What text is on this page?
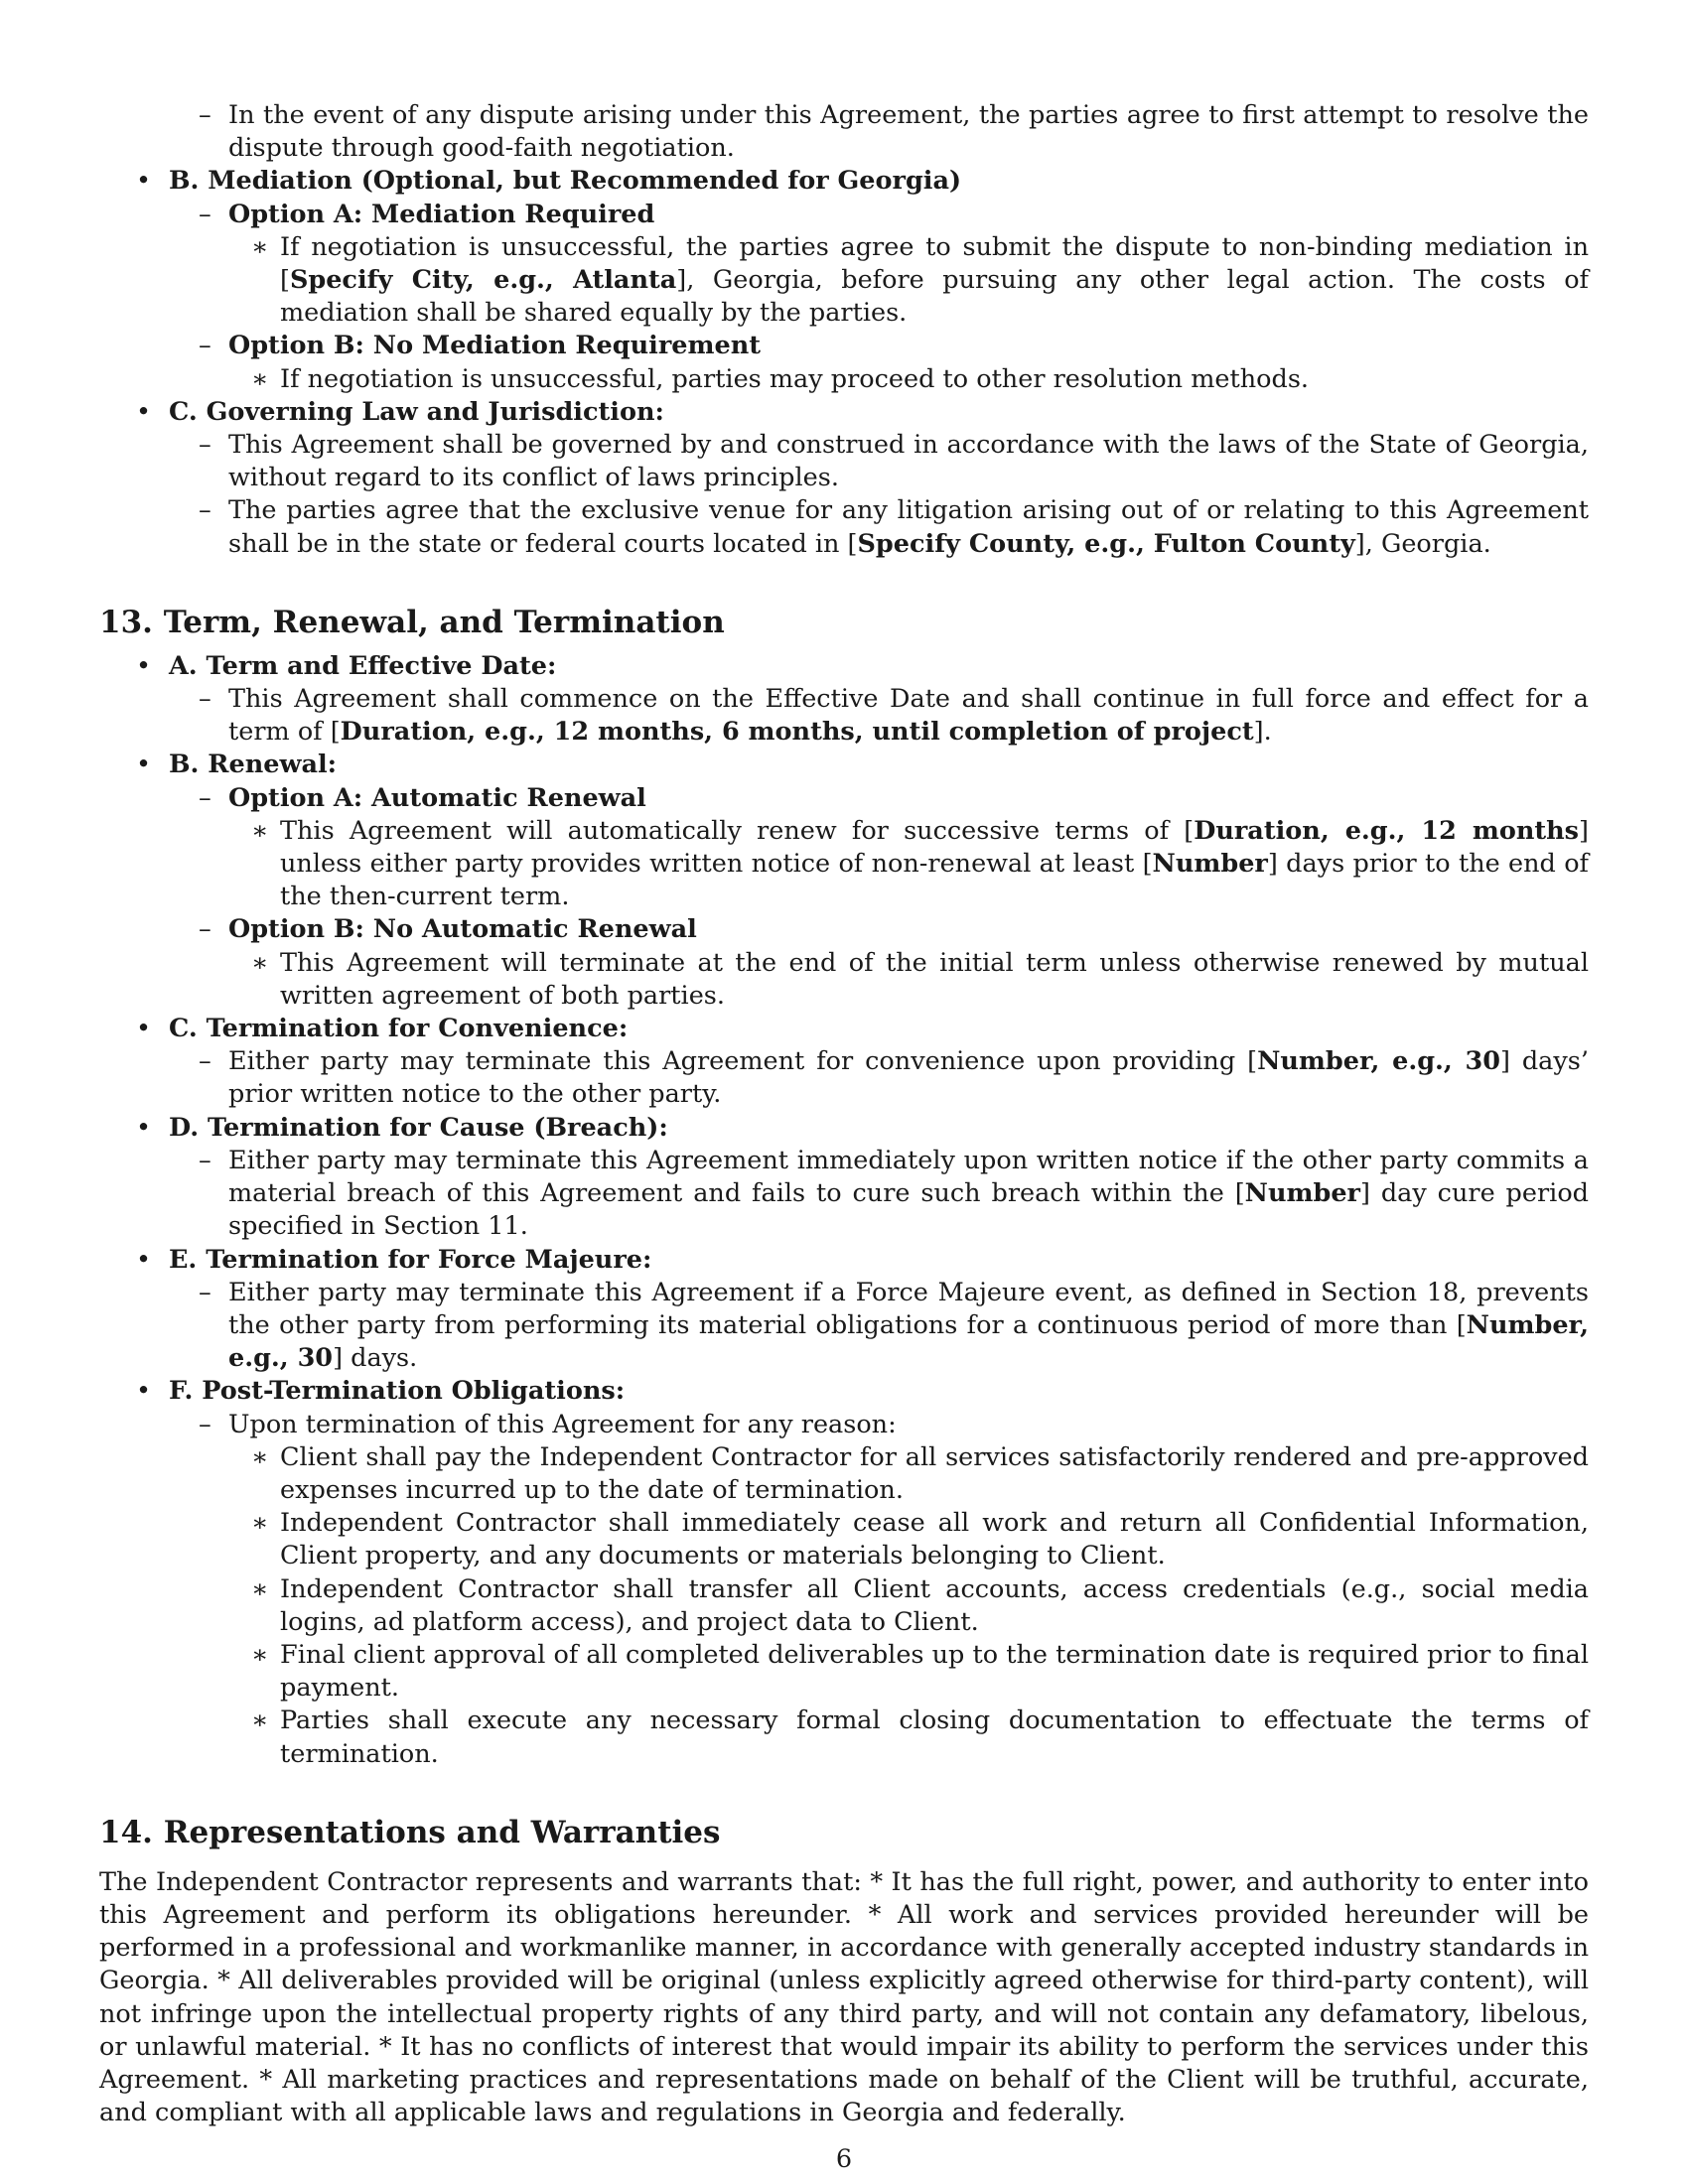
– In the event of any dispute arising under this Agreement, the parties agree to first attempt to resolve the dispute through good-faith negotiation.

• B. Mediation (Optional, but Recommended for Georgia)

– Option A: Mediation Required

∗ If negotiation is unsuccessful, the parties agree to submit the dispute to non-binding mediation in [Specify City, e.g., Atlanta], Georgia, before pursuing any other legal action. The costs of mediation shall be shared equally by the parties.

– Option B: No Mediation Requirement

∗ If negotiation is unsuccessful, parties may proceed to other resolution methods.

• C. Governing Law and Jurisdiction:

– This Agreement shall be governed by and construed in accordance with the laws of the State of Georgia, without regard to its conflict of laws principles.

– The parties agree that the exclusive venue for any litigation arising out of or relating to this Agreement shall be in the state or federal courts located in [Specify County, e.g., Fulton County], Georgia.

13. Term, Renewal, and Termination

• A. Term and Effective Date:

– This Agreement shall commence on the Effective Date and shall continue in full force and effect for a term of [Duration, e.g., 12 months, 6 months, until completion of project].

• B. Renewal:

– Option A: Automatic Renewal

∗ This Agreement will automatically renew for successive terms of [Duration, e.g., 12 months] unless either party provides written notice of non-renewal at least [Number] days prior to the end of the then-current term.

– Option B: No Automatic Renewal

∗ This Agreement will terminate at the end of the initial term unless otherwise renewed by mutual written agreement of both parties.

• C. Termination for Convenience:

– Either party may terminate this Agreement for convenience upon providing [Number, e.g., 30] days’ prior written notice to the other party.

• D. Termination for Cause (Breach):

– Either party may terminate this Agreement immediately upon written notice if the other party commits a material breach of this Agreement and fails to cure such breach within the [Number] day cure period specified in Section 11.

• E. Termination for Force Majeure:

– Either party may terminate this Agreement if a Force Majeure event, as defined in Section 18, prevents the other party from performing its material obligations for a continuous period of more than [Number, e.g., 30] days.

• F. Post-Termination Obligations:

– Upon termination of this Agreement for any reason:

∗ Client shall pay the Independent Contractor for all services satisfactorily rendered and pre-approved expenses incurred up to the date of termination.

∗ Independent Contractor shall immediately cease all work and return all Confidential Information, Client property, and any documents or materials belonging to Client.

∗ Independent Contractor shall transfer all Client accounts, access credentials (e.g., social media logins, ad platform access), and project data to Client.

∗ Final client approval of all completed deliverables up to the termination date is required prior to final payment.

∗ Parties shall execute any necessary formal closing documentation to effectuate the terms of termination.

14. Representations and Warranties

The Independent Contractor represents and warrants that: * It has the full right, power, and authority to enter into this Agreement and perform its obligations hereunder. * All work and services provided hereunder will be performed in a professional and workmanlike manner, in accordance with generally accepted industry standards in Georgia. * All deliverables provided will be original (unless explicitly agreed otherwise for third-party content), will not infringe upon the intellectual property rights of any third party, and will not contain any defamatory, libelous, or unlawful material. * It has no conflicts of interest that would impair its ability to perform the services under this Agreement. * All marketing practices and representations made on behalf of the Client will be truthful, accurate, and compliant with all applicable laws and regulations in Georgia and federally.

6
